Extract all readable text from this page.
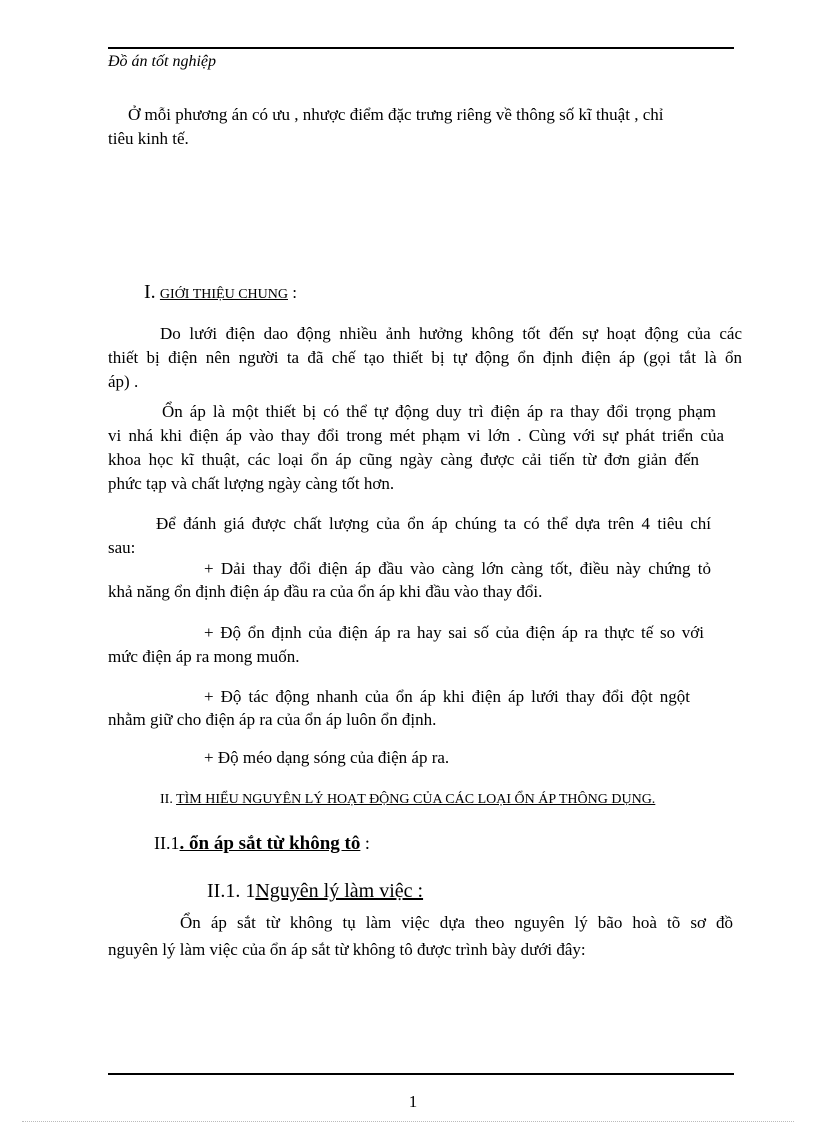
Đồ án tốt nghiệp
Ở mỗi phương án có ưu , nhược điểm đặc trưng riêng về thông số kĩ thuật , chỉ
tiêu kinh tế.
I. GIỚI THIỆU CHUNG :
Do lưới điện dao động nhiều ảnh hưởng không tốt đến sự hoạt động của các
thiết bị điện nên người ta đã chế tạo thiết bị tự động ổn định điện áp (gọi tắt là ổn
áp) .
Ổn áp là một thiết bị có thể tự động duy trì điện áp ra thay đổi trọng phạm
vi nhá khi điện áp vào thay đổi trong mét phạm vi lớn . Cùng với sự phát triển của
khoa học kĩ thuật, các loại ổn áp cũng ngày càng được cải tiến từ đơn giản đến
phức tạp và chất lượng ngày càng tốt hơn.
Để đánh giá được chất lượng của ổn áp chúng ta có thể dựa trên 4 tiêu chí
sau:
+ Dải thay đổi điện áp đầu vào càng lớn càng tốt, điều này chứng tỏ
khả năng ổn định điện áp đầu ra của ổn áp khi đầu vào thay đổi.
+ Độ ổn định của điện áp ra hay sai số của điện áp ra thực tế so với
mức điện áp ra mong muốn.
+ Độ tác động nhanh của ổn áp khi điện áp lưới thay đổi đột ngột
nhằm giữ cho điện áp ra của ổn áp luôn ổn định.
+ Độ méo dạng sóng của điện áp ra.
II. TÌM HIỂU NGUYÊN LÝ HOẠT ĐỘNG CỦA CÁC LOẠI ỔN ÁP THÔNG DỤNG.
II.1. ổn áp sắt từ không tô :
II.1. 1Nguyên lý làm việc :
Ổn áp sắt từ không tụ làm việc dựa theo nguyên lý bão hoà tõ sơ đồ
nguyên lý làm việc của ổn áp sắt từ không tô được trình bày dưới đây:
1
